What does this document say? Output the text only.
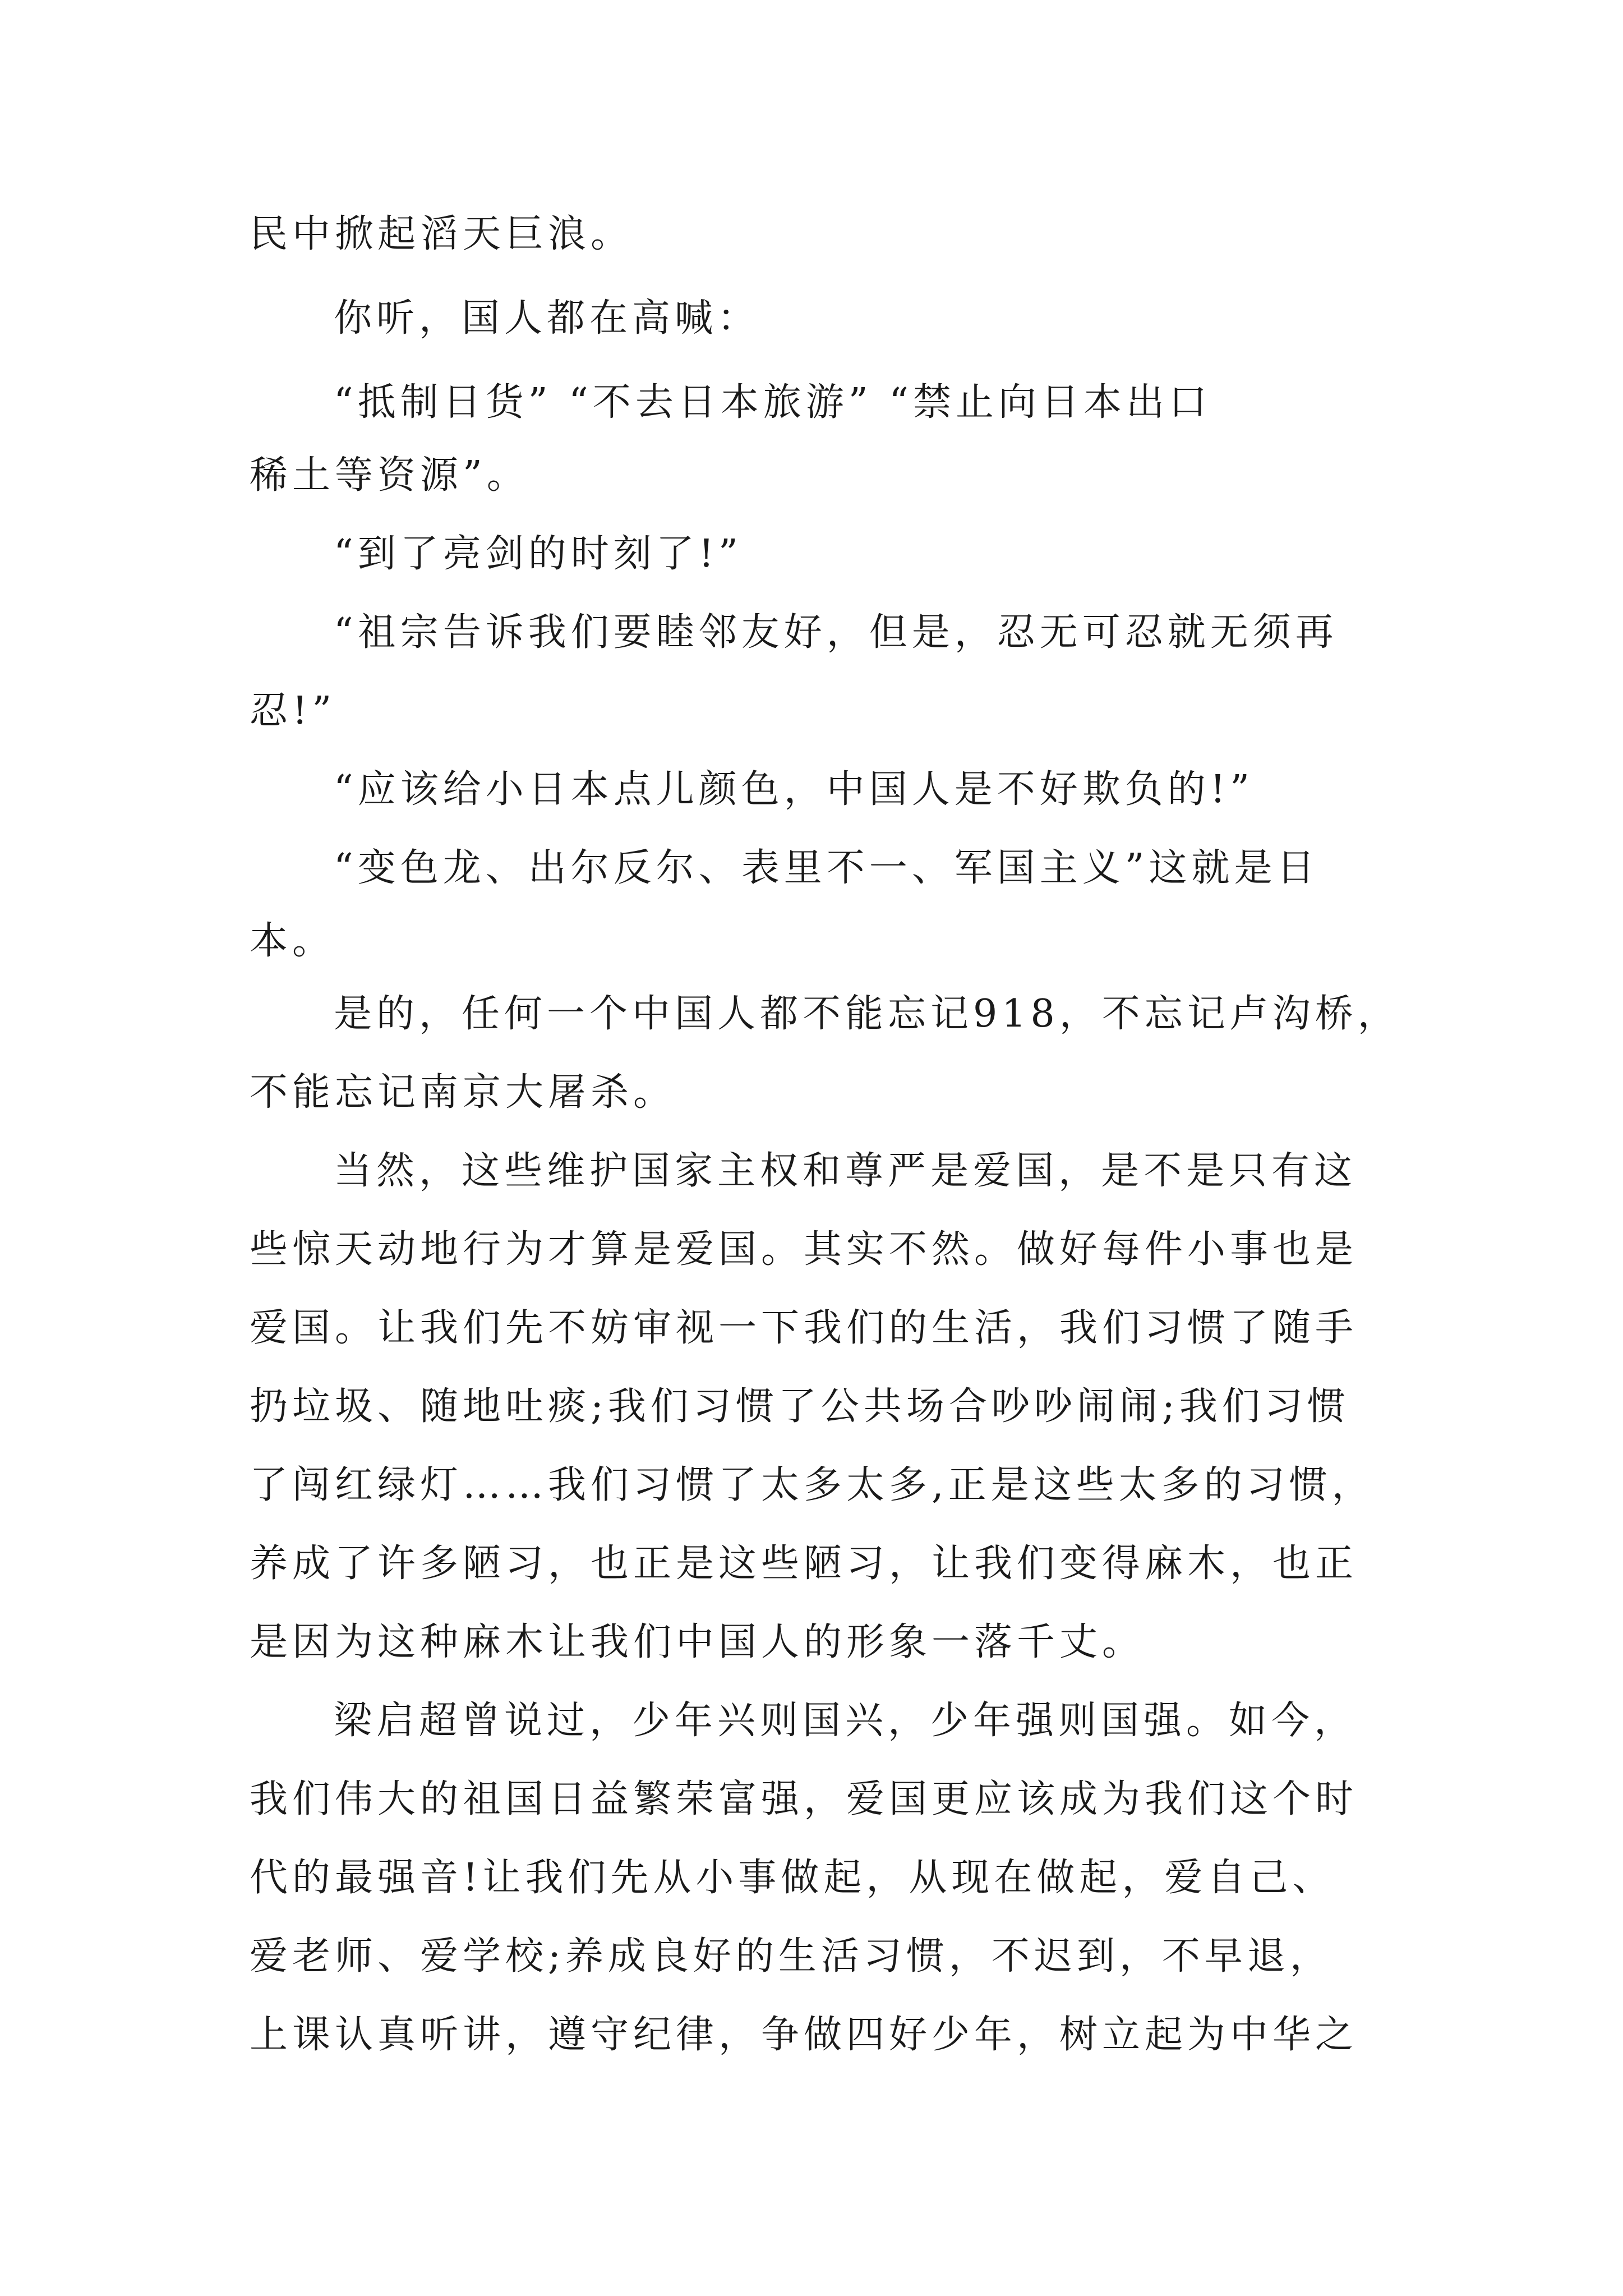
民中掀起滔天巨浪。

你听，国人都在高喊：

“抵制日货” “不去日本旅游” “禁止向日本出口

稀土等资源”。

“到了亮剑的时刻了!”

“祖宗告诉我们要睦邻友好，但是，忍无可忍就无须再

忍!”

“应该给小日本点儿颜色，中国人是不好欺负的!”

“变色龙、出尔反尔、表里不一、军国主义”这就是日

本。

是的，任何一个中国人都不能忘记918，不忘记卢沟桥，

不能忘记南京大屠杀。

当然，这些维护国家主权和尊严是爱国，是不是只有这

些惊天动地行为才算是爱国。其实不然。做好每件小事也是

爱国。让我们先不妨审视一下我们的生活，我们习惯了随手

扔垃圾、随地吐痰;我们习惯了公共场合吵吵闹闹;我们习惯

了闯红绿灯……我们习惯了太多太多,正是这些太多的习惯，

养成了许多陋习，也正是这些陋习，让我们变得麻木，也正

是因为这种麻木让我们中国人的形象一落千丈。

梁启超曾说过，少年兴则国兴，少年强则国强。如今，

我们伟大的祖国日益繁荣富强，爱国更应该成为我们这个时

代的最强音!让我们先从小事做起，从现在做起，爱自己、

爱老师、爱学校;养成良好的生活习惯，不迟到，不早退，

上课认真听讲，遵守纪律，争做四好少年，树立起为中华之
